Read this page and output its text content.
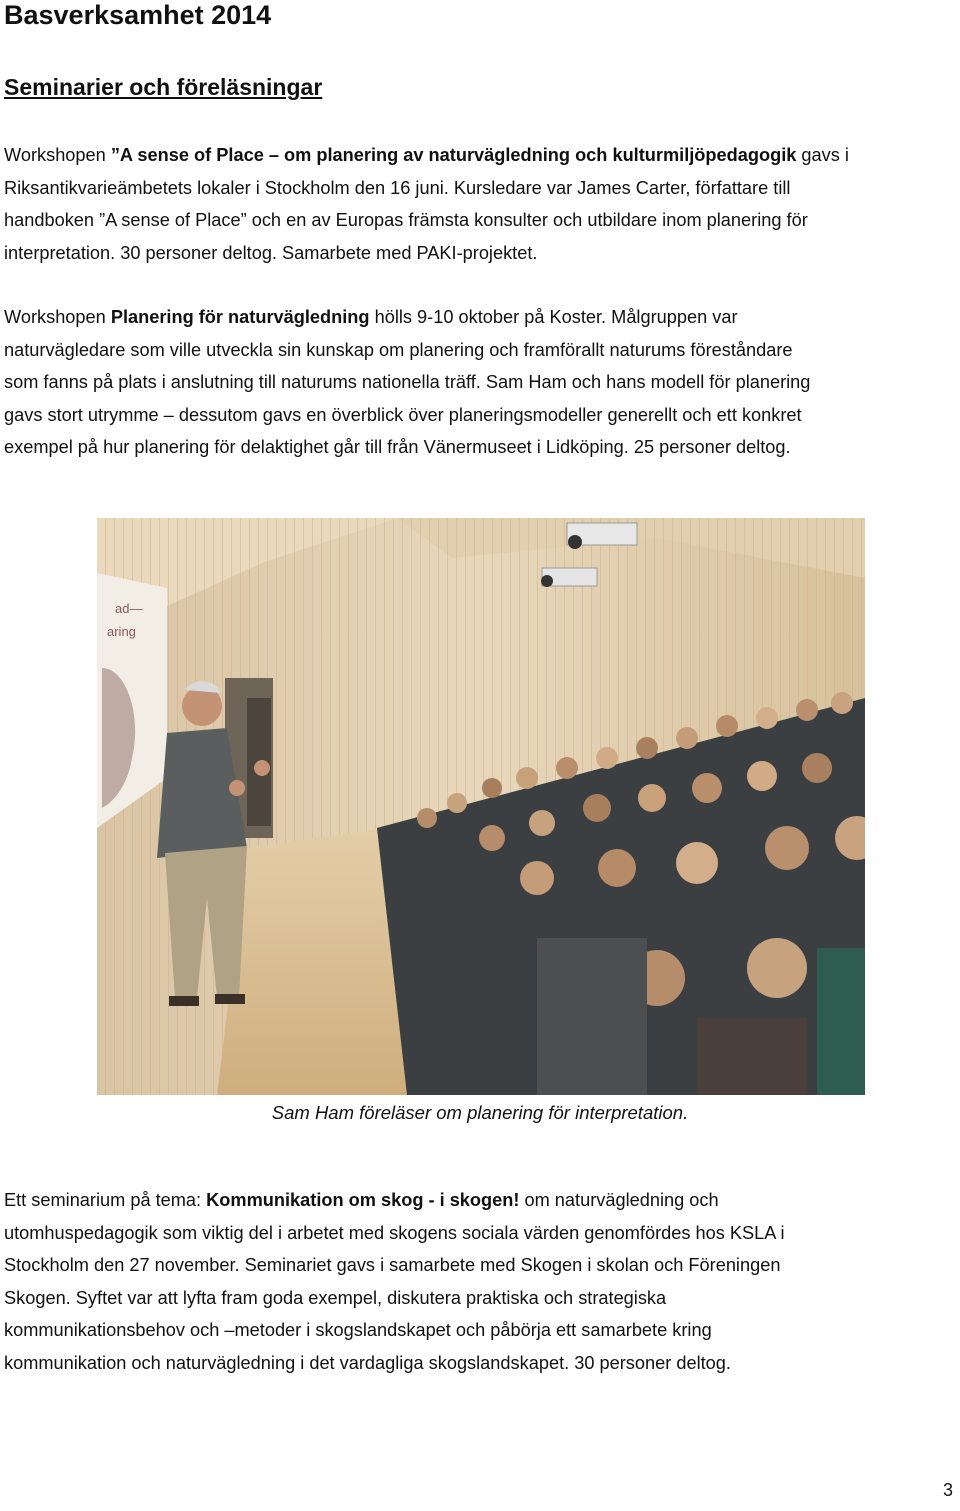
Basverksamhet 2014
Seminarier och föreläsningar

Workshopen ”A sense of Place – om planering av naturvägledning och kulturmiljöpedagogik gavs i
Riksantikvarieämbetets lokaler i Stockholm den 16 juni. Kursledare var James Carter, författare till
handboken ”A sense of Place” och en av Europas främsta konsulter och utbildare inom planering för
interpretation. 30 personer deltog. Samarbete med PAKI-projektet.

Workshopen Planering för naturvägledning hölls 9-10 oktober på Koster. Målgruppen var
naturvägledare som ville utveckla sin kunskap om planering och framförallt naturums föreståndare
som fanns på plats i anslutning till naturums nationella träff. Sam Ham och hans modell för planering
gavs stort utrymme – dessutom gavs en överblick över planeringsmodeller generellt och ett konkret
exempel på hur planering för delaktighet går till från Vänermuseet i Lidköping. 25 personer deltog.

ad—
aring
Sam Ham föreläser om planering för interpretation.

Ett seminarium på tema: Kommunikation om skog - i skogen! om naturvägledning och
utomhuspedagogik som viktig del i arbetet med skogens sociala värden genomfördes hos KSLA i
Stockholm den 27 november. Seminariet gavs i samarbete med Skogen i skolan och Föreningen
Skogen. Syftet var att lyfta fram goda exempel, diskutera praktiska och strategiska
kommunikationsbehov och –metoder i skogslandskapet och påbörja ett samarbete kring
kommunikation och naturvägledning i det vardagliga skogslandskapet. 30 personer deltog.

3
